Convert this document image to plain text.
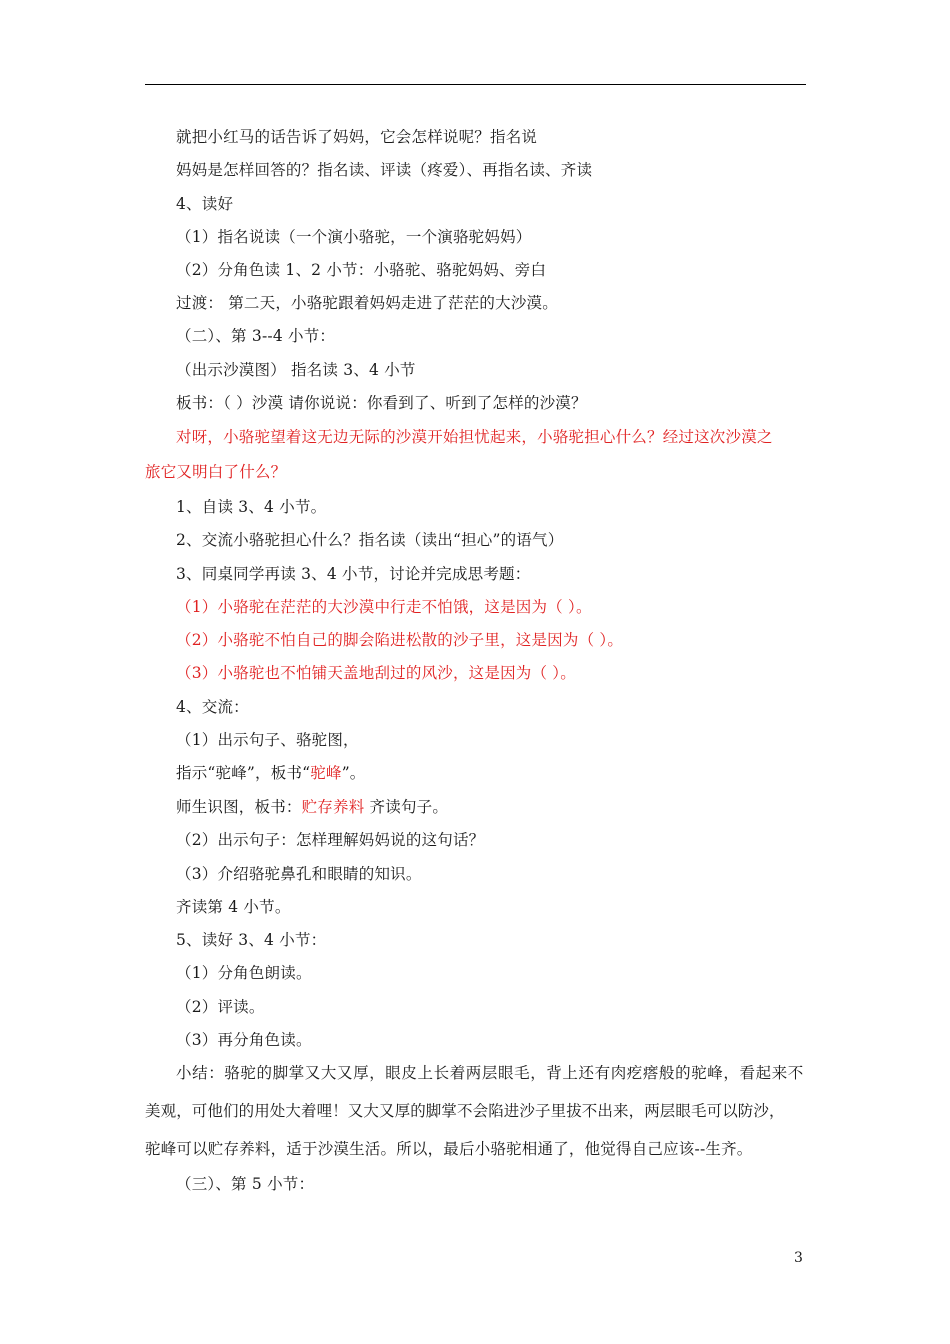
就把小红马的话告诉了妈妈，它会怎样说呢？指名说
妈妈是怎样回答的？指名读、评读（疼爱）、再指名读、齐读
4、读好
（1）指名说读（一个演小骆驼，一个演骆驼妈妈）
（2）分角色读 1、2 小节：小骆驼、骆驼妈妈、旁白
过渡： 第二天，小骆驼跟着妈妈走进了茫茫的大沙漠。
（二）、第 3--4 小节：
（出示沙漠图） 指名读 3、4 小节
板书：（ ）沙漠 请你说说：你看到了、听到了怎样的沙漠？
对呀，小骆驼望着这无边无际的沙漠开始担忧起来，小骆驼担心什么？经过这次沙漠之
旅它又明白了什么？
1、自读 3、4 小节。
2、交流小骆驼担心什么？指名读（读出“担心”的语气）
3、同桌同学再读 3、4 小节，讨论并完成思考题：
（1）小骆驼在茫茫的大沙漠中行走不怕饿，这是因为（ ）。
（2）小骆驼不怕自己的脚会陷进松散的沙子里，这是因为（ ）。
（3）小骆驼也不怕铺天盖地刮过的风沙，这是因为（ ）。
4、交流：
（1）出示句子、骆驼图，
指示“驼峰”，板书“驼峰”。
师生识图，板书：贮存养料 齐读句子。
（2）出示句子：怎样理解妈妈说的这句话？
（3）介绍骆驼鼻孔和眼睛的知识。
齐读第 4 小节。
5、读好 3、4 小节：
（1）分角色朗读。
（2）评读。
（3）再分角色读。
小结：骆驼的脚掌又大又厚，眼皮上长着两层眼毛，背上还有肉疙瘩般的驼峰，看起来不
美观，可他们的用处大着哩！又大又厚的脚掌不会陷进沙子里拔不出来，两层眼毛可以防沙，
驼峰可以贮存养料，适于沙漠生活。所以，最后小骆驼相通了，他觉得自己应该--生齐。
（三）、第 5 小节：
3
